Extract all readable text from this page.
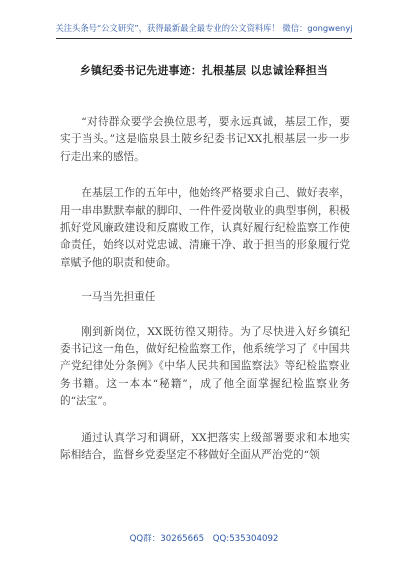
关注头条号“公文研究”，获得最新最全最专业的公文资料库！ 微信：gongwenyj
乡镇纪委书记先进事迹：扎根基层 以忠诚诠释担当

“对待群众要学会换位思考，要永远真诚，基层工作，要实于当头。”这是临泉县土陂乡纪委书记XX扎根基层一步一步行走出来的感悟。

在基层工作的五年中，他始终严格要求自己、做好表率，用一串串默默奉献的脚印、一件件爱岗敬业的典型事例，积极抓好党风廉政建设和反腐败工作，认真好履行纪检监察工作使命责任，始终以对党忠诚、清廉干净、敢于担当的形象履行党章赋予他的职责和使命。

一马当先担重任

刚到新岗位，XX既彷徨又期待。为了尽快进入好乡镇纪委书记这一角色，做好纪检监察工作，他系统学习了《中国共产党纪律处分条例》《中华人民共和国监察法》等纪检监察业务书籍。这一本本“秘籍”，成了他全面掌握纪检监察业务的“法宝”。

通过认真学习和调研，XX把落实上级部署要求和本地实际相结合，监督乡党委坚定不移做好全面从严治党的“领

QQ群：30265665 QQ:535304092
